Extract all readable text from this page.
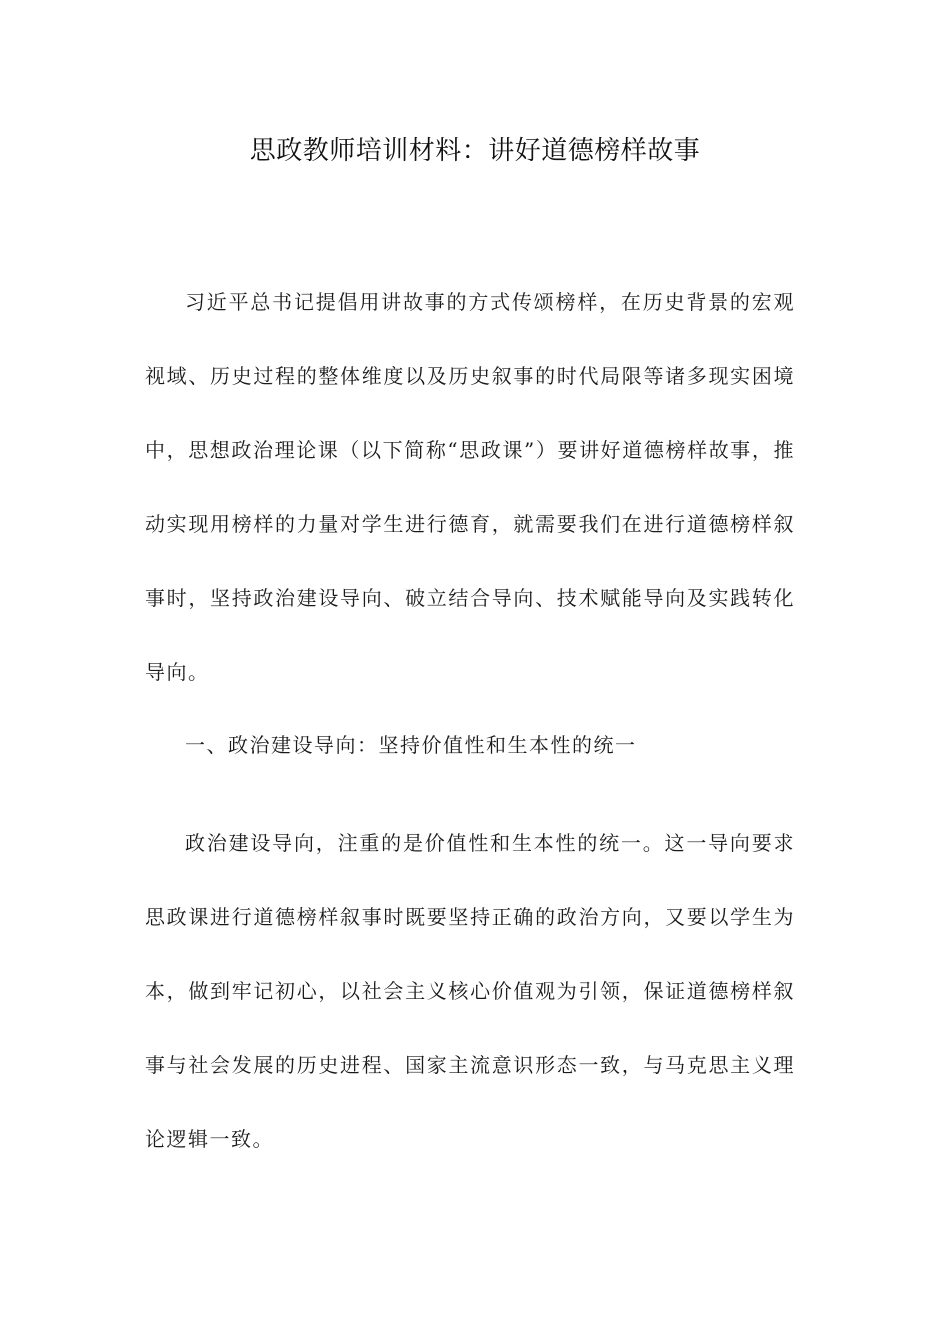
思政教师培训材料：讲好道德榜样故事

习近平总书记提倡用讲故事的方式传颂榜样，在历史背景的宏观视域、历史过程的整体维度以及历史叙事的时代局限等诸多现实困境中，思想政治理论课（以下简称“思政课”）要讲好道德榜样故事，推动实现用榜样的力量对学生进行德育，就需要我们在进行道德榜样叙事时，坚持政治建设导向、破立结合导向、技术赋能导向及实践转化导向。

一、政治建设导向：坚持价值性和生本性的统一

政治建设导向，注重的是价值性和生本性的统一。这一导向要求思政课进行道德榜样叙事时既要坚持正确的政治方向，又要以学生为本，做到牢记初心，以社会主义核心价值观为引领，保证道德榜样叙事与社会发展的历史进程、国家主流意识形态一致，与马克思主义理论逻辑一致。
